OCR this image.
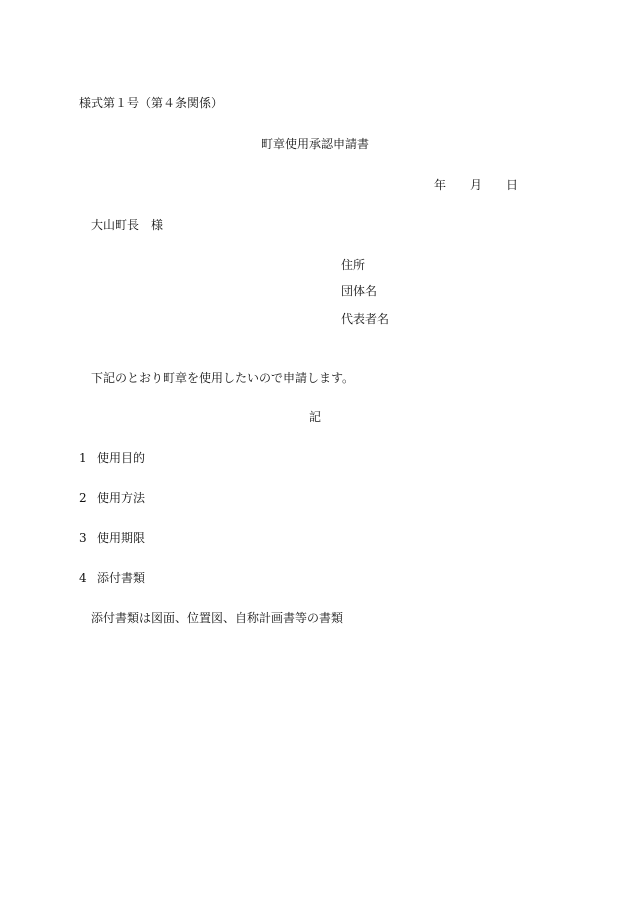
様式第１号（第４条関係）
町章使用承認申請書
年 月 日
大山町長 様
住所
団体名
代表者名
下記のとおり町章を使用したいので申請します。
記
1 使用目的
2 使用方法
3 使用期限
4 添付書類
添付書類は図面、位置図、自称計画書等の書類
